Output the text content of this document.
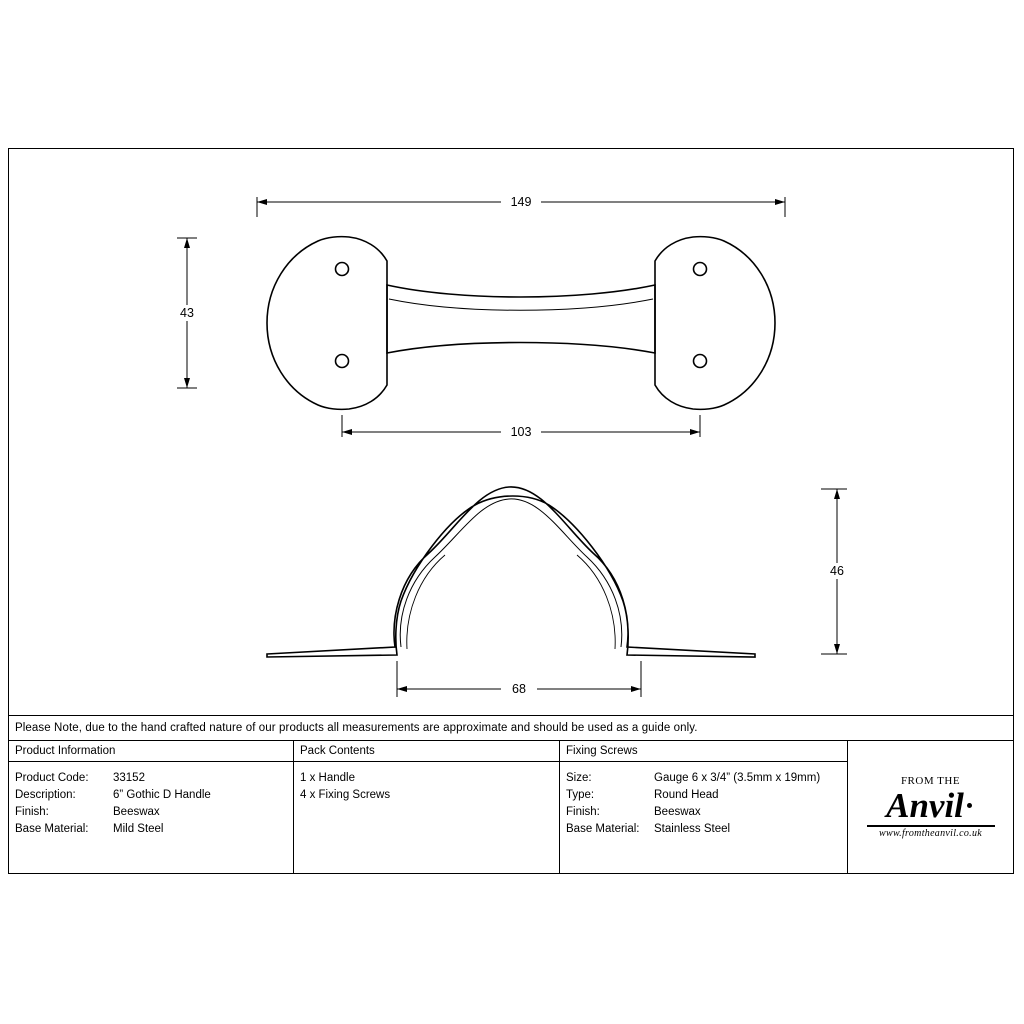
149
43
103
46
68
Please Note, due to the hand crafted nature of our products all measurements are approximate and should be used as a guide only.
Product Information
Product Code:	33152
Description:	6” Gothic D Handle
Finish:	Beeswax
Base Material:	Mild Steel
Pack Contents
1 x Handle
4 x Fixing Screws
Fixing Screws
Size:	Gauge 6 x 3/4” (3.5mm x 19mm)
Type:	Round Head
Finish:	Beeswax
Base Material:	Stainless Steel
FROM THE
Anvil
www.fromtheanvil.co.uk
